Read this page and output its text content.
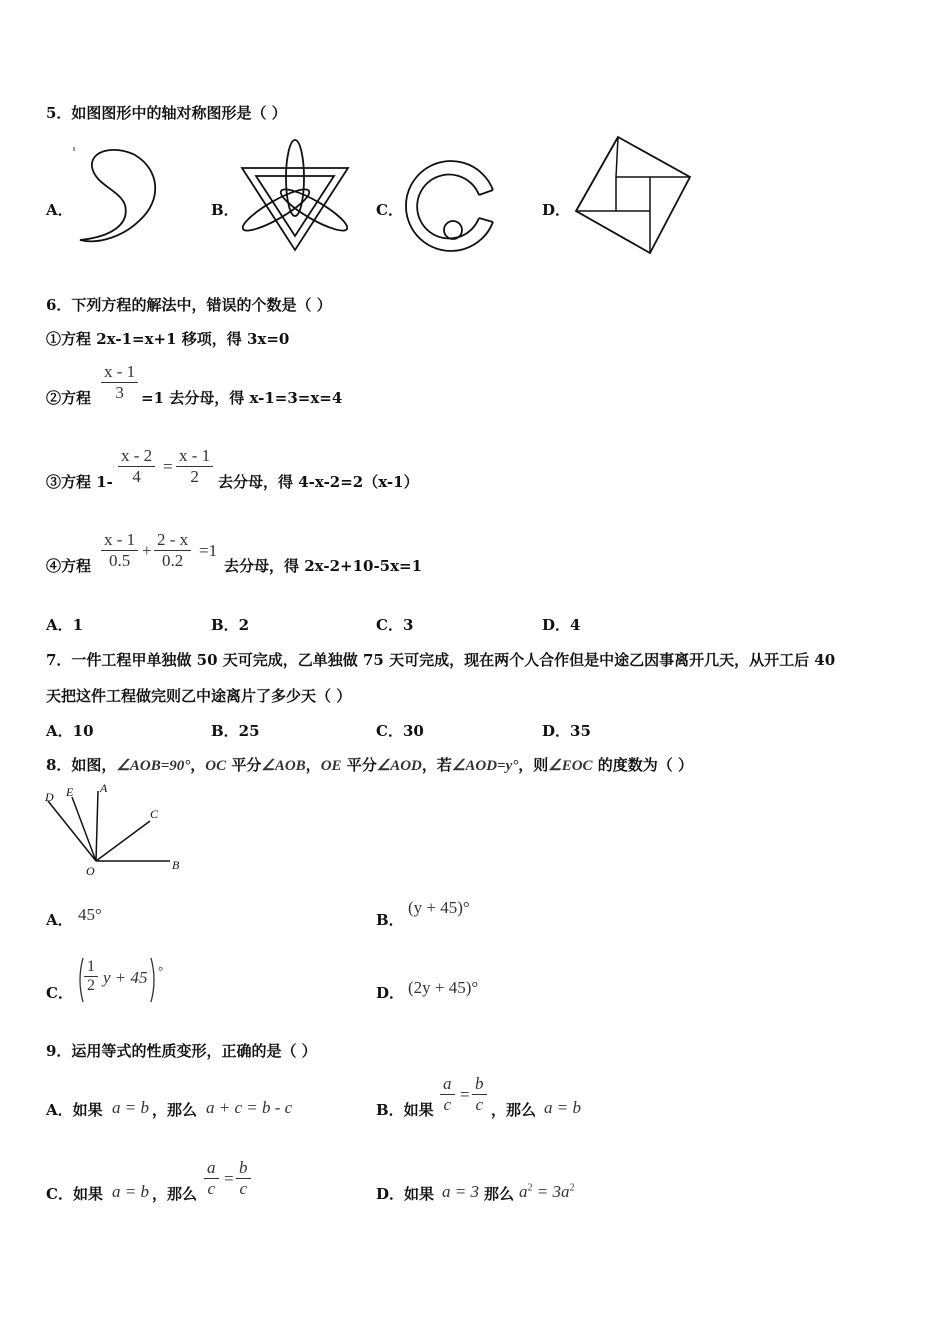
5．如图图形中的轴对称图形是（ ）
A．	B．	C．	D．
6．下列方程的解法中，错误的个数是（ ）
①方程 2x-1=x+1 移项，得 3x=0
②方程 $\frac{x - 1}{3} =1$ 去分母，得 x-1=3=x=4
③方程 $1- \frac{x - 2}{4} = \frac{x - 1}{2}$ 去分母，得 4-x-2=2（x-1）
④方程 $\frac{x - 1}{0.5} + \frac{2 - x}{0.2} =1$
去分母，得 2x-2+10-5x=1
A．1	B．2	C．3	D．4
7．一件工程甲单独做 50 天可完成，乙单独做 75 天可完成，现在两个人合作但是中途乙因事离开几天，从开工后 40
天把这件工程做完则乙中途离片了多少天（ ）
A．10	B．25	C．30	D．35
8．如图，∠AOB=90°，OC 平分∠AOB，OE 平分∠AOD，若∠AOD=y°，则∠EOC 的度数为（ ）
D E A
C
O	B
A． 45°	B．
(y + 45)°
C． $\frac{1}{2}$ y + 45 °
D． (2y + 45)°
9．运用等式的性质变形，正确的是（ ）
A．如果 a = b ，那么 a + c = b - c	B．如果 $\frac{a}{c} = \frac{b}{c}$ ，那么 a = b
C．如果 a = b ，那么 $\frac{a}{c} = \frac{b}{c}$	D．如果 a = 3 那么 $a^2 = 3a^2$
